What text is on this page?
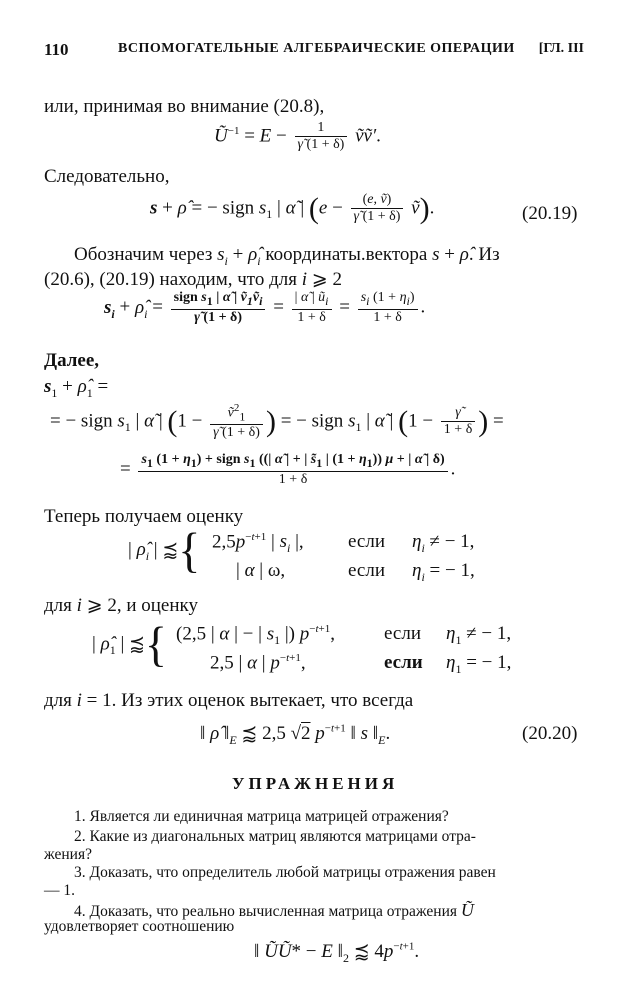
110	ВСПОМОГАТЕЛЬНЫЕ АЛГЕБРАИЧЕСКИЕ ОПЕРАЦИИ [ГЛ. III
или, принимая во внимание (20.8),
$Ũ^{-1} = E - \frac{1}{\gammã (1 + \delta)}$ ṽṽ′.
Следовательно,
s + ρ̂ = − sign $s_1$ | α̃ | ($e - \frac{\text{(e, ṽ)}}{\gammã (1 + \delta)}$ ṽ).	(20.19)
Обозначим через $s_i$ + $\rhô_i$ координаты.вектора s + ρ̂. Из
(20.6), (20.19) находим, что для i ⩾ 2
$s_i$ + $\rhô_i = \frac{sign s_1 | \alphã | ṽ_1ṽ_i}{\gammã (1 + \delta)} = \frac{| \alphã | ũ_i}{1 + \delta} = \frac{s_i (1 + \eta_i)}{1 + \delta}$ .
Далее,
$s_1$ + $\rhô_1$ =
= − sign $s_1$ | α̃ | ($1 - \frac{ṽ^2_1}{\gammã (1 + \delta)}$ ) = − sign $s_1$ | α̃ | ($1 - \frac{\gammã}{1 + \delta}$ ) =
= $s_1$ $(1 + \eta_1)$ + sign $s_1$ ((| α̃ | + | $s̃_1$ | $(1 + \eta_1)$) μ + | α̃ | δ)
1 + δ	.
Теперь получаем оценку
| $\rhô_i$ | ⪷{ $2,5p^{-t+1}$ | $s_i$ |, если $\eta_i$ ≠ − 1,
| α | ω,	если $\eta_i$ = − 1,
для i ⩾ 2, и оценку
| $\rhô_1$ | ⪷{ (2,5 | α | − | $s_1$ |) $p^{-t+1}$,	если $\eta_1$ ≠ − 1,
2,5 | α | $p^{-t+1}$,	если $\eta_1$ = − 1,
для i = 1. Из этих оценок вытекает, что всегда
‖ ρ̂ $‖_E$ ⪷ 2,5 √2 $p^{-t+1}$ ‖ s $‖_E$.	(20.20)
УПРАЖНЕНИЯ
1. Является ли единичная матрица матрицей отражения?
2. Какие из диагональных матриц являются матрицами отра-
жения?
3. Доказать, что определитель любой матрицы отражения равен
— 1.
4. Доказать, что реально вычисленная матрица отражения Ũ
удовлетворяет соотношению
‖ ŨŨ* − E $‖_2$ ⪷ $4p^{-t+1}$.
